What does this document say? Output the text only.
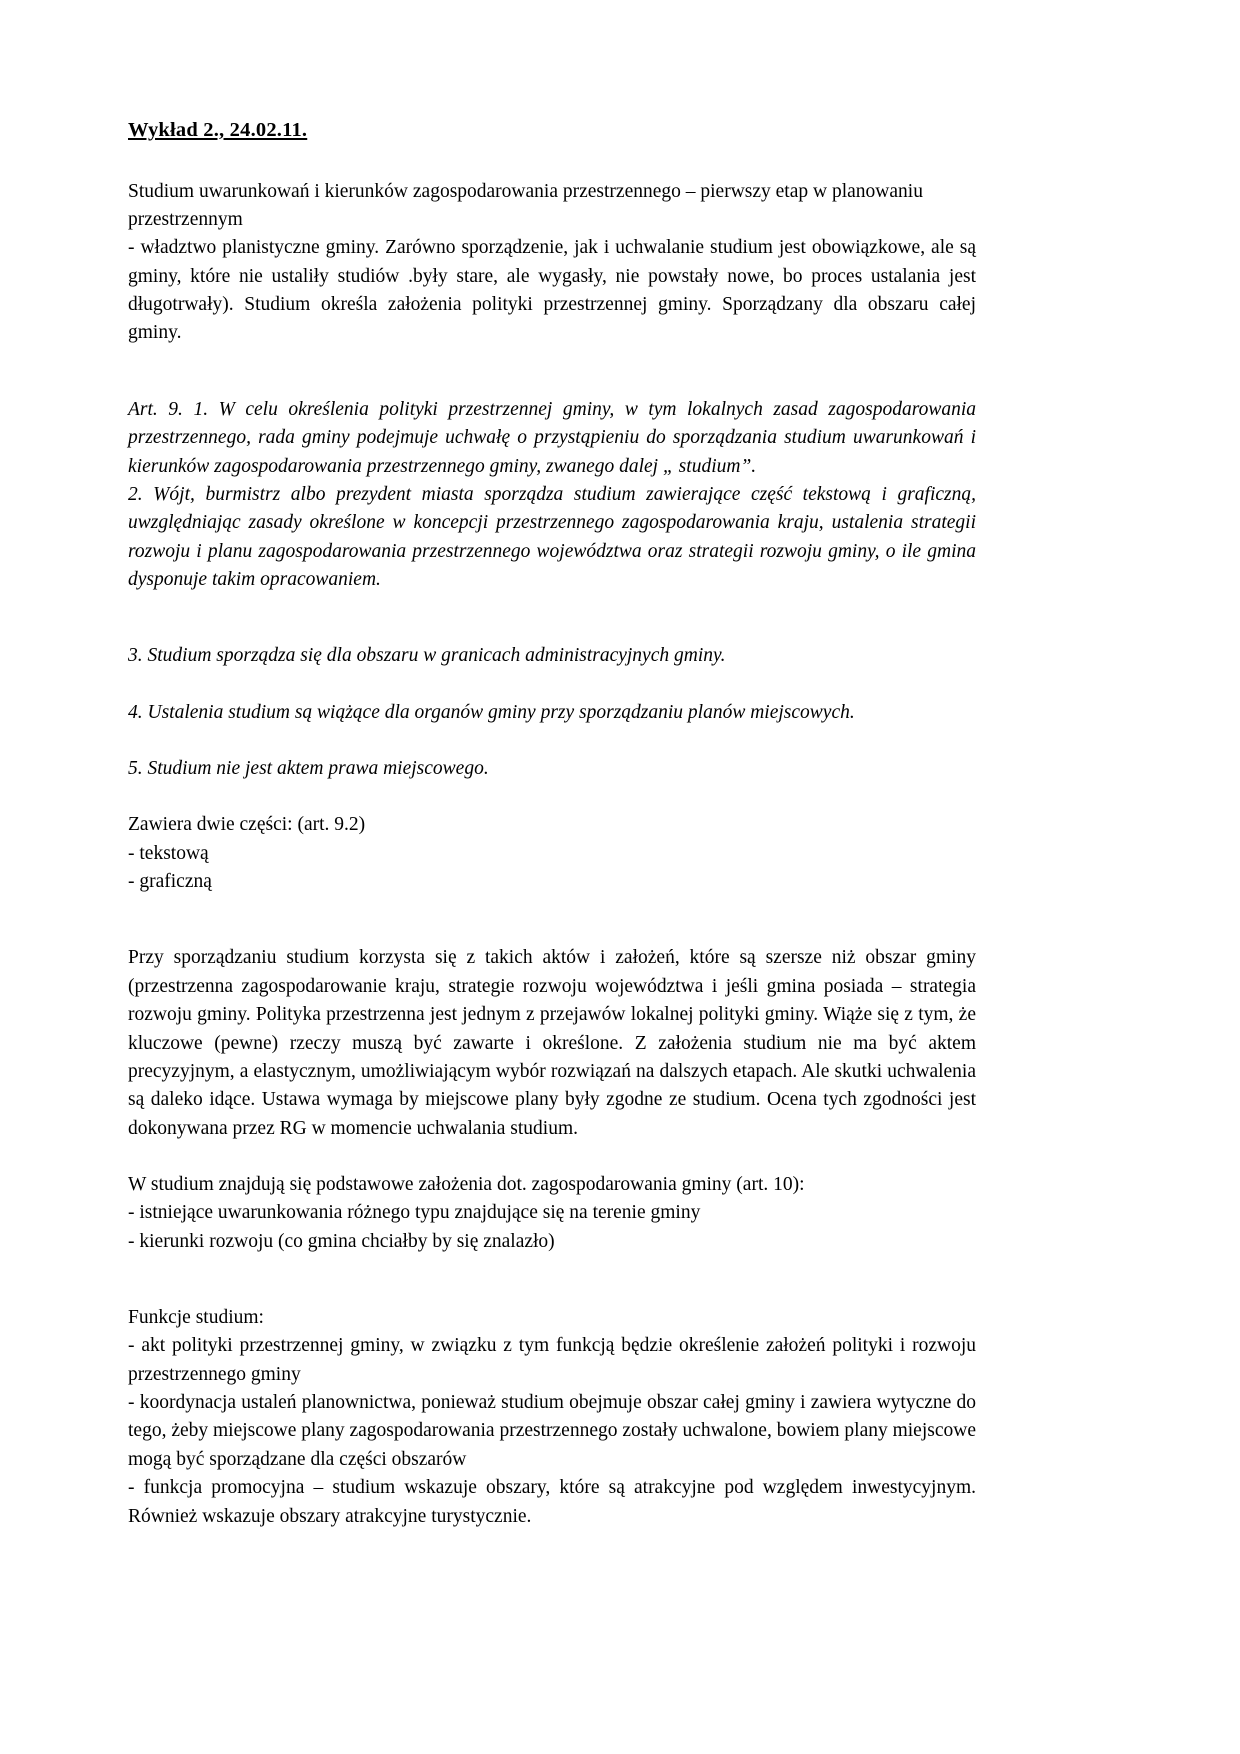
Wykład 2., 24.02.11.

Studium uwarunkowań i kierunków zagospodarowania przestrzennego – pierwszy etap w planowaniu przestrzennym

- władztwo planistyczne gminy. Zarówno sporządzenie, jak i uchwalanie studium jest obowiązkowe, ale są gminy, które nie ustaliły studiów .były stare, ale wygasły, nie powstały nowe, bo proces ustalania jest długotrwały). Studium określa założenia polityki przestrzennej gminy. Sporządzany dla obszaru całej gminy.

Art. 9. 1. W celu określenia polityki przestrzennej gminy, w tym lokalnych zasad zagospodarowania przestrzennego, rada gminy podejmuje uchwałę o przystąpieniu do sporządzania studium uwarunkowań i kierunków zagospodarowania przestrzennego gminy, zwanego dalej „ studium”.

2. Wójt, burmistrz albo prezydent miasta sporządza studium zawierające część tekstową i graficzną, uwzględniając zasady określone w koncepcji przestrzennego zagospodarowania kraju, ustalenia strategii rozwoju i planu zagospodarowania przestrzennego województwa oraz strategii rozwoju gminy, o ile gmina dysponuje takim opracowaniem.

3. Studium sporządza się dla obszaru w granicach administracyjnych gminy.

4. Ustalenia studium są wiążące dla organów gminy przy sporządzaniu planów miejscowych.

5. Studium nie jest aktem prawa miejscowego.

Zawiera dwie części: (art. 9.2)

- tekstową

- graficzną

Przy sporządzaniu studium korzysta się z takich aktów i założeń, które są szersze niż obszar gminy (przestrzenna zagospodarowanie kraju, strategie rozwoju województwa i jeśli gmina posiada – strategia rozwoju gminy. Polityka przestrzenna jest jednym z przejawów lokalnej polityki gminy. Wiąże się z tym, że kluczowe (pewne) rzeczy muszą być zawarte i określone. Z założenia studium nie ma być aktem precyzyjnym, a elastycznym, umożliwiającym wybór rozwiązań na dalszych etapach. Ale skutki uchwalenia są daleko idące. Ustawa wymaga by miejscowe plany były zgodne ze studium. Ocena tych zgodności jest dokonywana przez RG w momencie uchwalania studium.

W studium znajdują się podstawowe założenia dot. zagospodarowania gminy (art. 10):

- istniejące uwarunkowania różnego typu znajdujące się na terenie gminy

- kierunki rozwoju (co gmina chciałby by się znalazło)

Funkcje studium:

- akt polityki przestrzennej gminy, w związku z tym funkcją będzie określenie założeń polityki i rozwoju przestrzennego gminy

- koordynacja ustaleń planownictwa, ponieważ studium obejmuje obszar całej gminy i zawiera wytyczne do tego, żeby miejscowe plany zagospodarowania przestrzennego zostały uchwalone, bowiem plany miejscowe mogą być sporządzane dla części obszarów

- funkcja promocyjna – studium wskazuje obszary, które są atrakcyjne pod względem inwestycyjnym. Również wskazuje obszary atrakcyjne turystycznie.
